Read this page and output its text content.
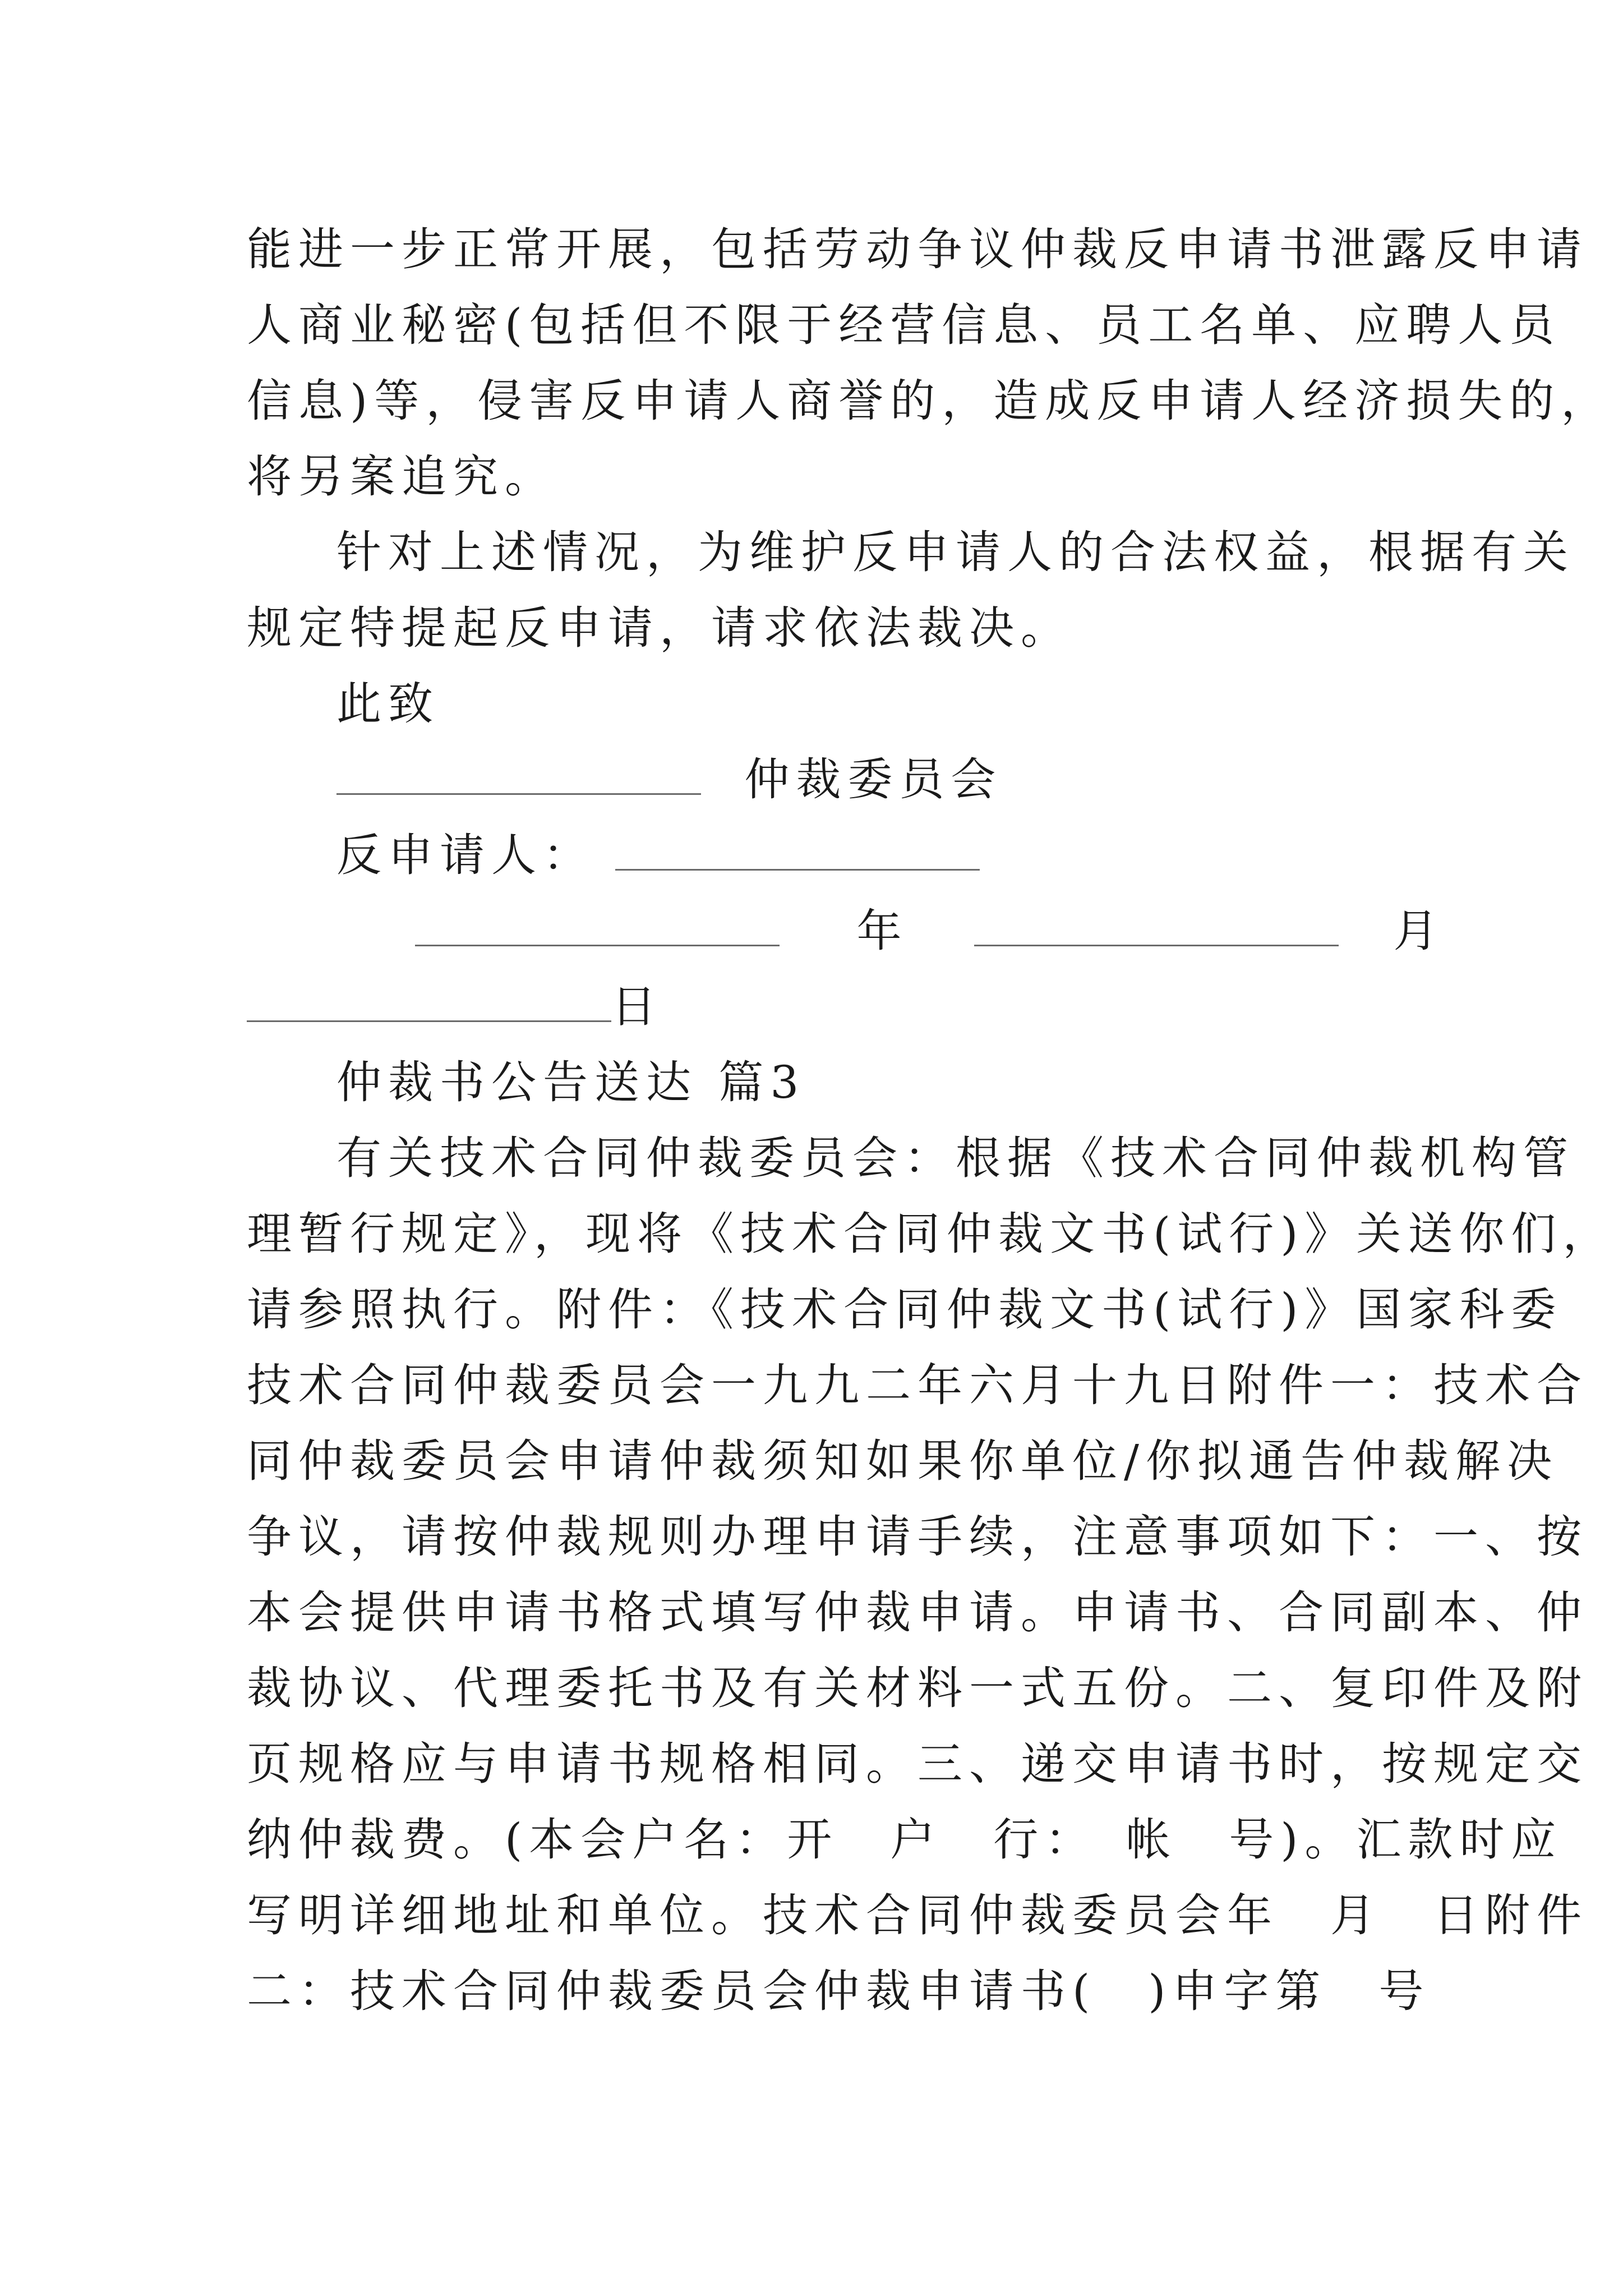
能进一步正常开展，包括劳动争议仲裁反申请书泄露反申请
人商业秘密(包括但不限于经营信息、员工名单、应聘人员
信息)等，侵害反申请人商誉的，造成反申请人经济损失的，
将另案追究。
针对上述情况，为维护反申请人的合法权益，根据有关
规定特提起反申请，请求依法裁决。
此致
仲裁委员会
反申请人：
年	月
日
仲裁书公告送达 篇3
有关技术合同仲裁委员会：根据《技术合同仲裁机构管
理暂行规定》，现将《技术合同仲裁文书(试行)》关送你们，
请参照执行。附件：《技术合同仲裁文书(试行)》国家科委
技术合同仲裁委员会一九九二年六月十九日附件一：技术合
同仲裁委员会申请仲裁须知如果你单位/你拟通告仲裁解决
争议，请按仲裁规则办理申请手续，注意事项如下：一、按
本会提供申请书格式填写仲裁申请。申请书、合同副本、仲
裁协议、代理委托书及有关材料一式五份。二、复印件及附
页规格应与申请书规格相同。三、递交申请书时，按规定交
纳仲裁费。(本会户名：开　户　行：　帐　号)。汇款时应
写明详细地址和单位。技术合同仲裁委员会年　月　日附件
二：技术合同仲裁委员会仲裁申请书(　)申字第　号
